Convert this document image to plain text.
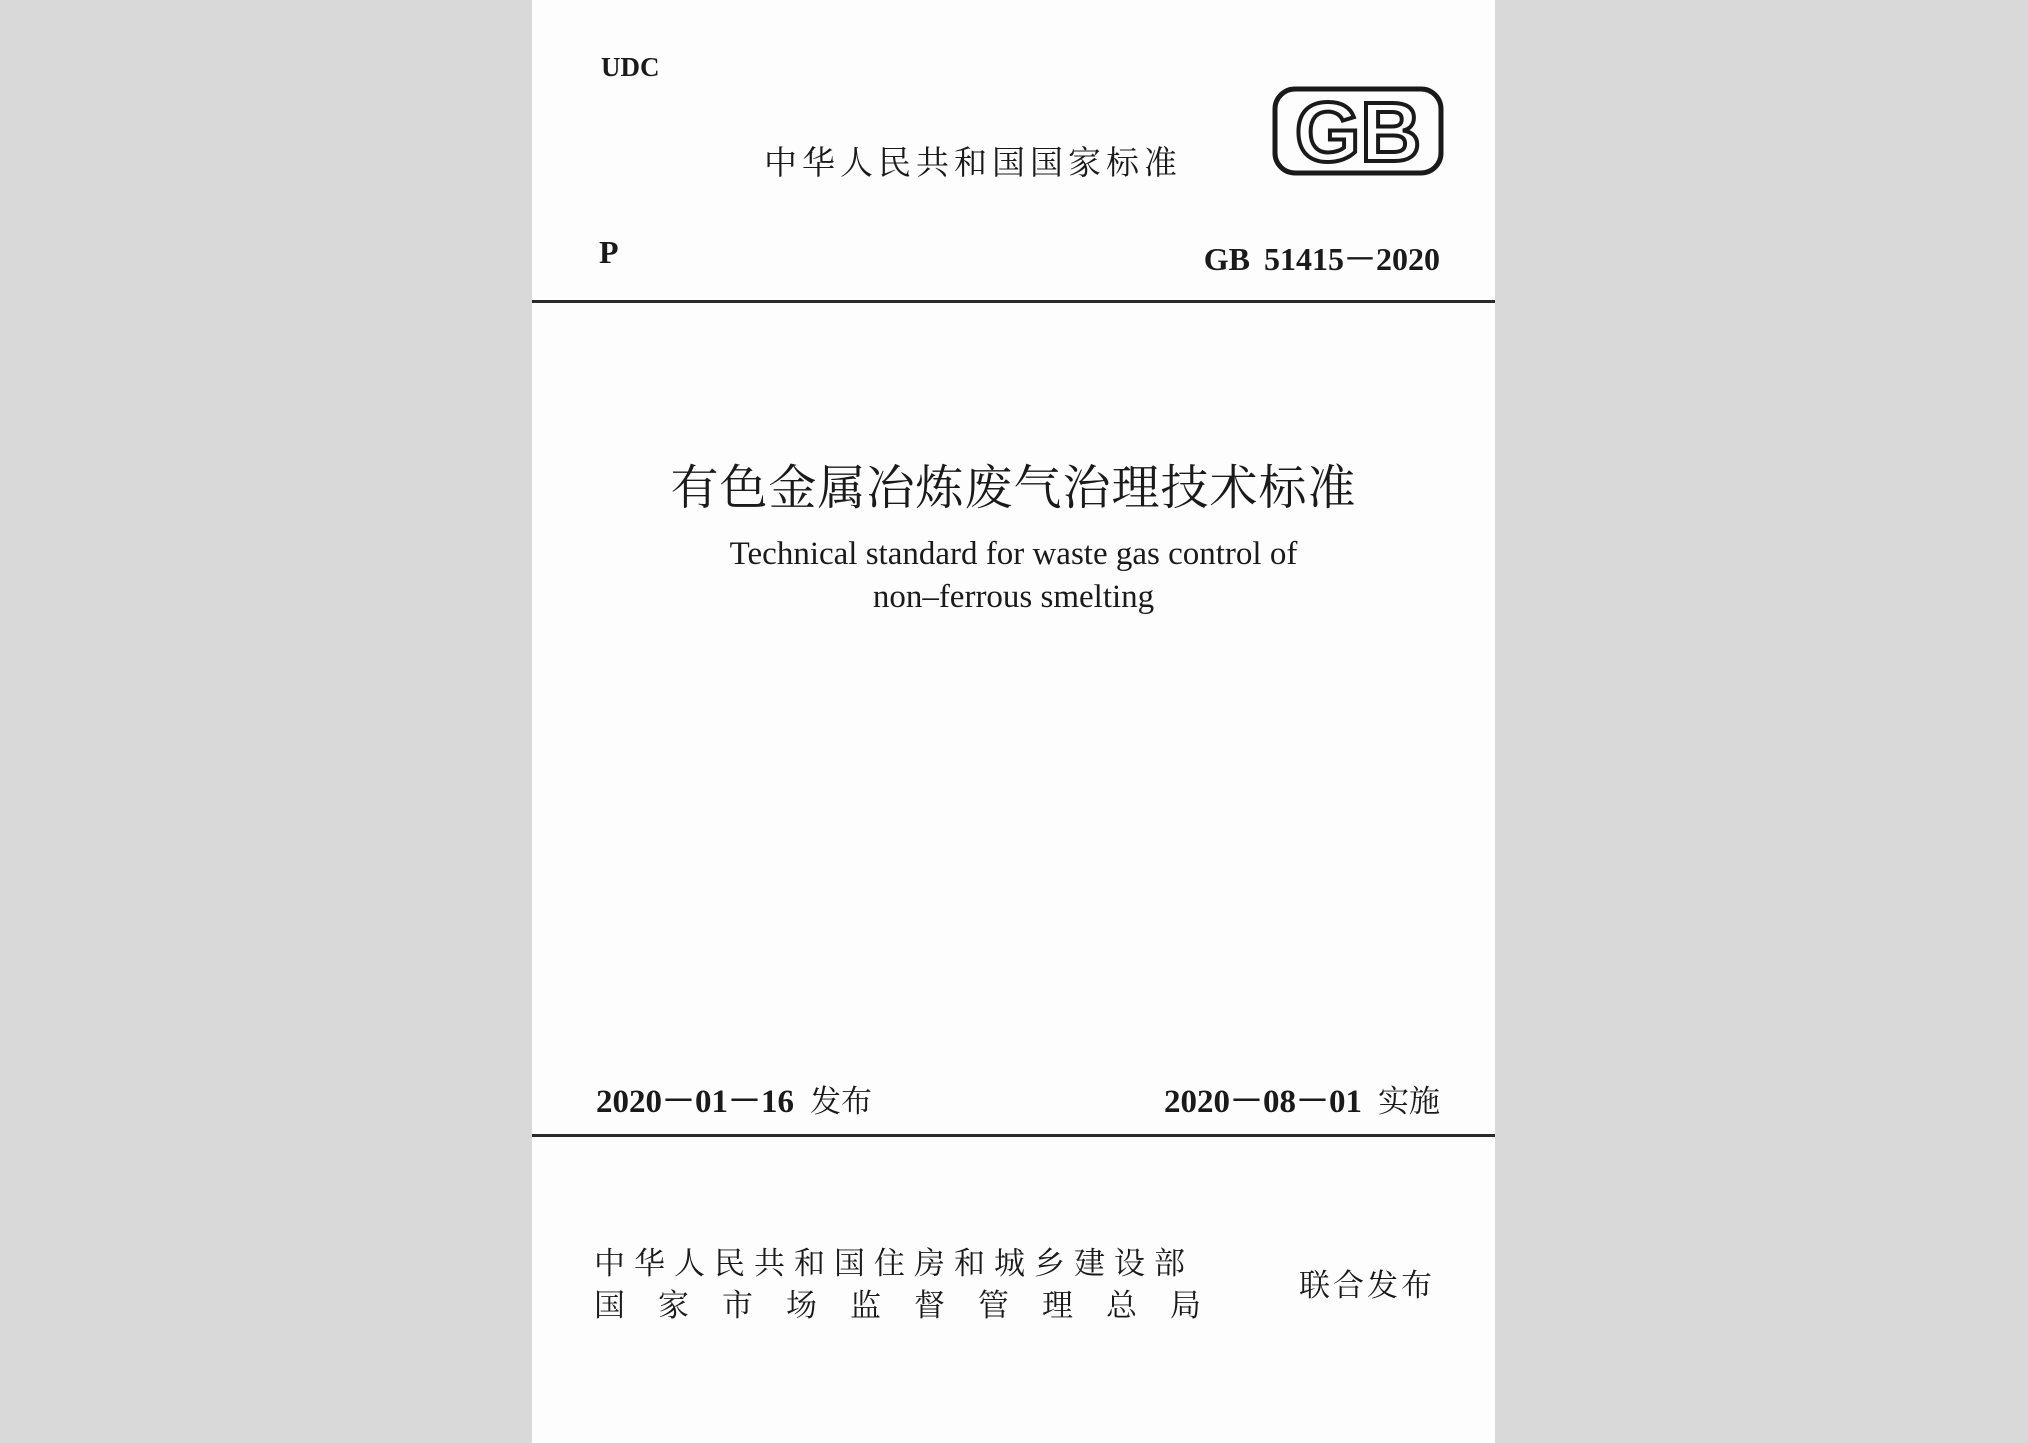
UDC
中华人民共和国国家标准 GB
P	GB 51415－2020
有色金属冶炼废气治理技术标准
Technical standard for waste gas control of
non–ferrous smelting
2020－01－16 发布	2020－08－01 实施
中华人民共和国住房和城乡建设部
国家市场监督管理总局
联合发布
